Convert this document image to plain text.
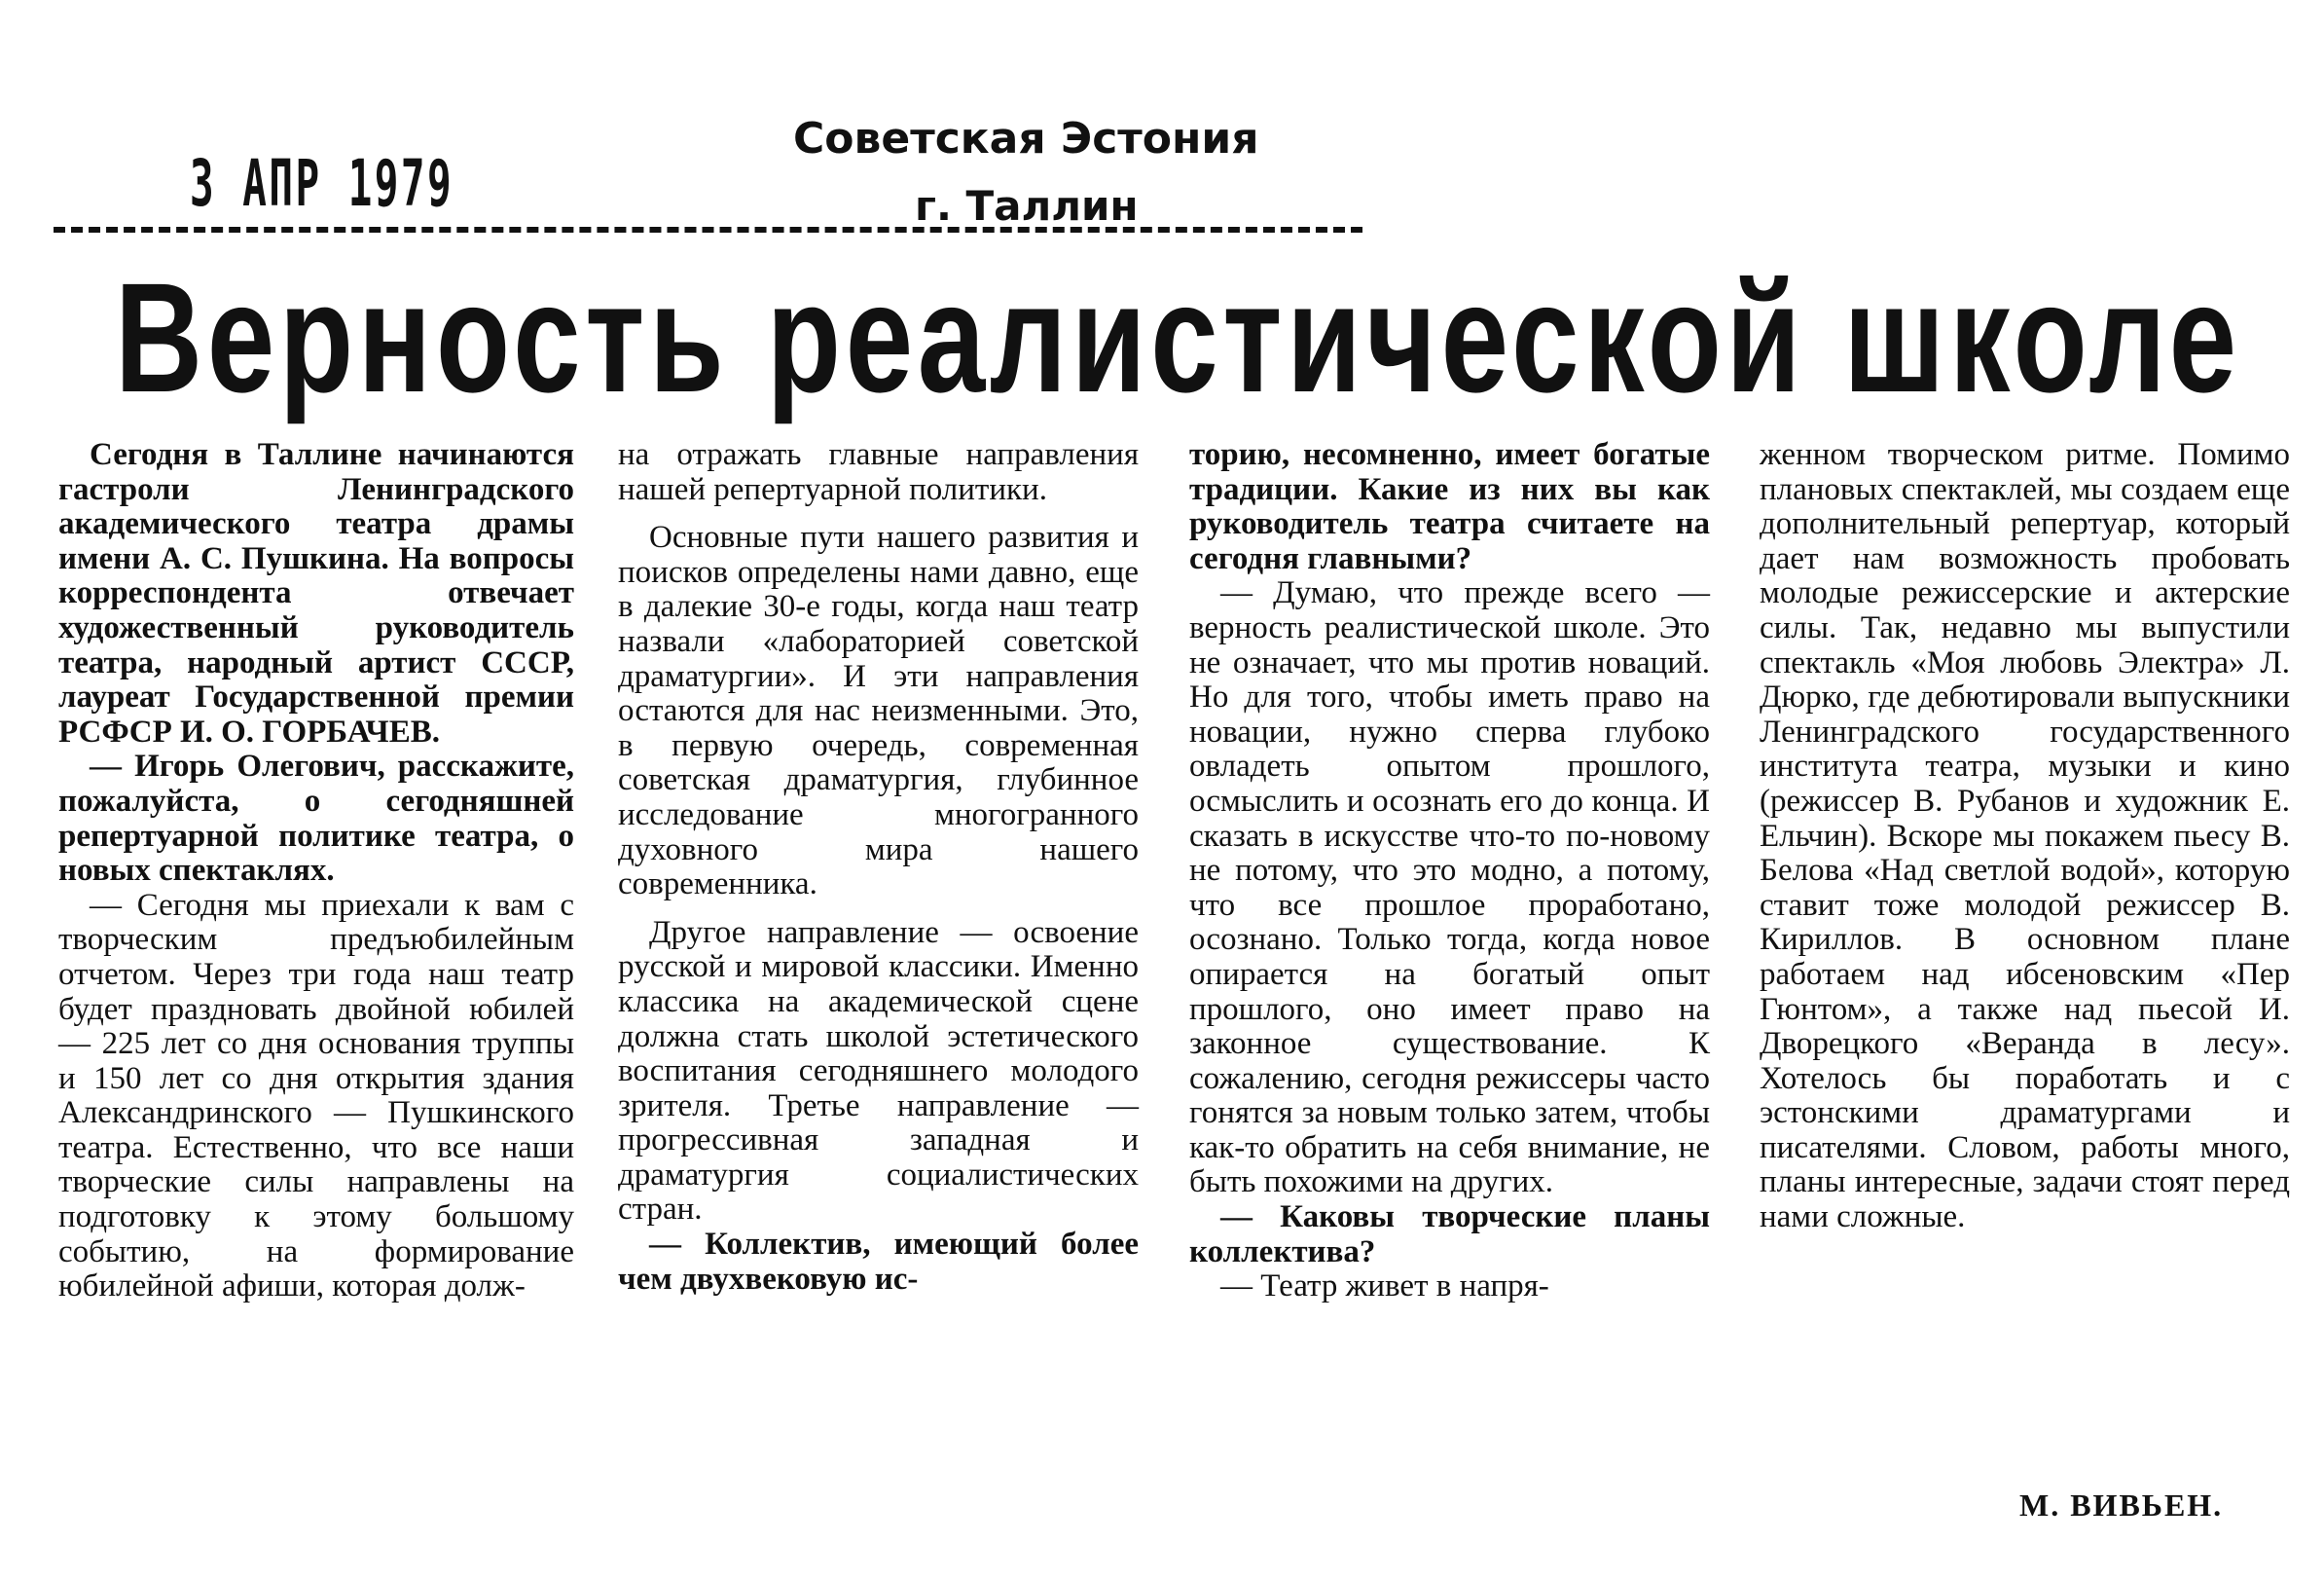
3 АПР 1979
Советская Эстония
г. Таллин
Верность реалистической школе

Сегодня в Таллине начинаются гастроли Ленинградского академического театра драмы имени А. С. Пушкина. На вопросы корреспондента отвечает художественный руководитель театра, народный артист СССР, лауреат Государственной премии РСФСР И. О. ГОРБАЧЕВ.

— Игорь Олегович, расскажите, пожалуйста, о сегодняшней репертуарной политике театра, о новых спектаклях.

— Сегодня мы приехали к вам с творческим предъюбилейным отчетом. Через три года наш театр будет праздновать двойной юбилей — 225 лет со дня основания труппы и 150 лет со дня открытия здания Александринского — Пушкинского театра. Естественно, что все наши творческие силы направлены на подготовку к этому большому событию, на формирование юбилейной афиши, которая долж-

на отражать главные направления нашей репертуарной политики.

Основные пути нашего развития и поисков определены нами давно, еще в далекие 30-е годы, когда наш театр назвали «лабораторией советской драматургии». И эти направления остаются для нас неизменными. Это, в первую очередь, современная советская драматургия, глубинное исследование многогранного духовного мира нашего современника.

Другое направление — освоение русской и мировой классики. Именно классика на академической сцене должна стать школой эстетического воспитания сегодняшнего молодого зрителя. Третье направление — прогрессивная западная и драматургия социалистических стран.

— Коллектив, имеющий более чем двухвековую ис-

торию, несомненно, имеет богатые традиции. Какие из них вы как руководитель театра считаете на сегодня главными?

— Думаю, что прежде всего — верность реалистической школе. Это не означает, что мы против новаций. Но для того, чтобы иметь право на новации, нужно сперва глубоко овладеть опытом прошлого, осмыслить и осознать его до конца. И сказать в искусстве что-то по-новому не потому, что это модно, а потому, что все прошлое проработано, осознано. Только тогда, когда новое опирается на богатый опыт прошлого, оно имеет право на законное существование. К сожалению, сегодня режиссеры часто гонятся за новым только затем, чтобы как-то обратить на себя внимание, не быть похожими на других.

— Каковы творческие планы коллектива?

— Театр живет в напря-

женном творческом ритме. Помимо плановых спектаклей, мы создаем еще дополнительный репертуар, который дает нам возможность пробовать молодые режиссерские и актерские силы. Так, недавно мы выпустили спектакль «Моя любовь Электра» Л. Дюрко, где дебютировали выпускники Ленинградского государственного института театра, музыки и кино (режиссер В. Рубанов и художник Е. Ельчин). Вскоре мы покажем пьесу В. Белова «Над светлой водой», которую ставит тоже молодой режиссер В. Кириллов. В основном плане работаем над ибсеновским «Пер Гюнтом», а также над пьесой И. Дворецкого «Веранда в лесу». Хотелось бы поработать и с эстонскими драматургами и писателями. Словом, работы много, планы интересные, задачи стоят перед нами сложные.

М. ВИВЬЕН.
